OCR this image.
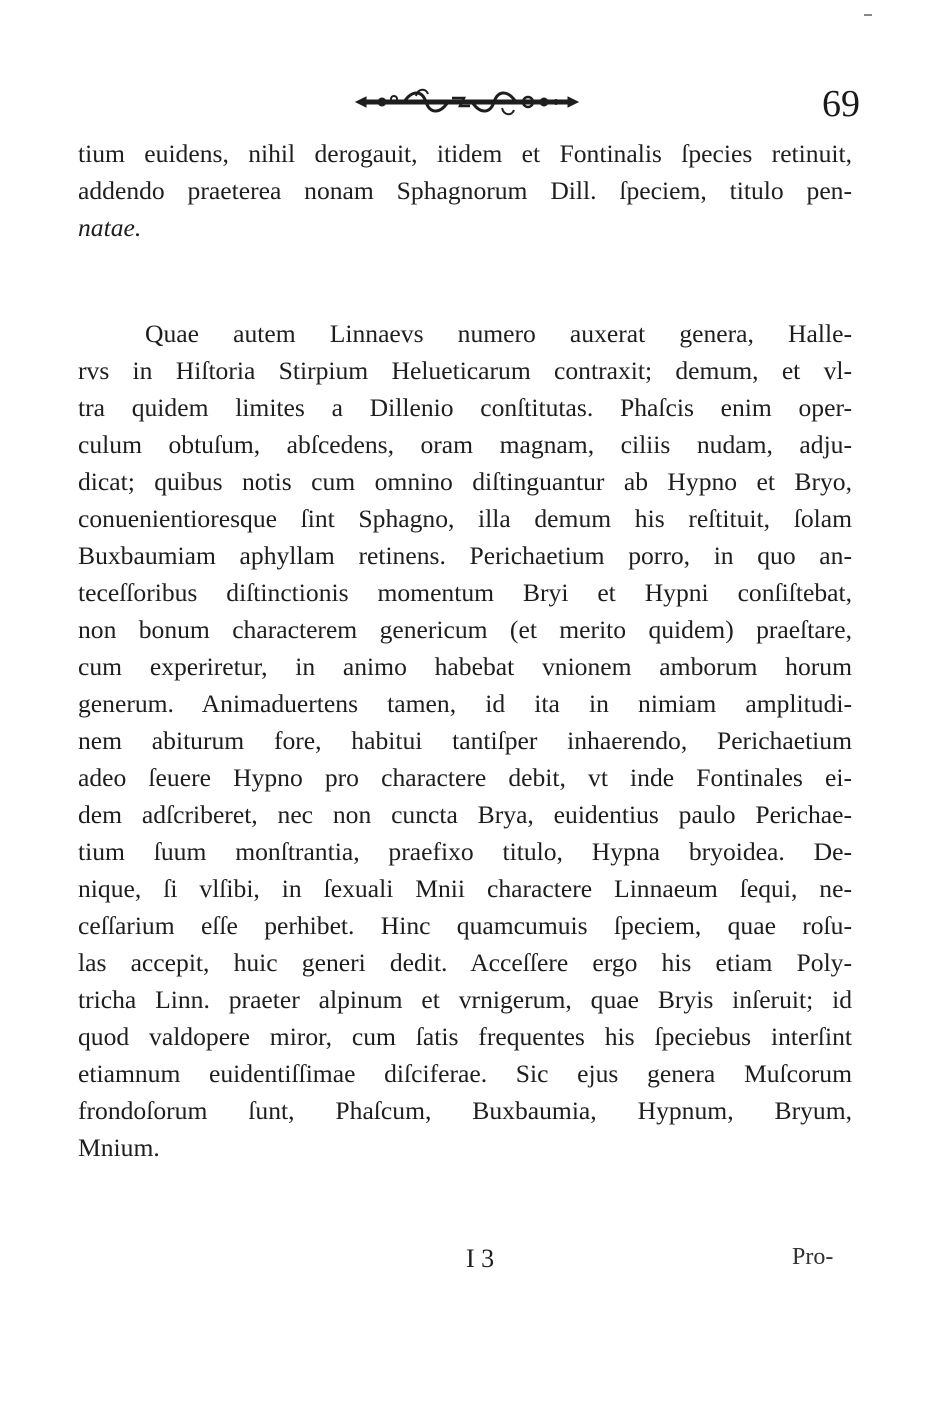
69
tium euidens, nihil derogauit, itidem et Fontinalis ſpecies retinuit,
addendo praeterea nonam Sphagnorum Dill. ſpeciem, titulo pen-
natae.
Quae autem Linnaevs numero auxerat genera, Halle-
rvs in Hiſtoria Stirpium Helueticarum contraxit; demum, et vl-
tra quidem limites a Dillenio conſtitutas. Phaſcis enim oper-
culum obtuſum, abſcedens, oram magnam, ciliis nudam, adju-
dicat; quibus notis cum omnino diſtinguantur ab Hypno et Bryo,
conuenientioresque ſint Sphagno, illa demum his reſtituit, ſolam
Buxbaumiam aphyllam retinens. Perichaetium porro, in quo an-
teceſſoribus diſtinctionis momentum Bryi et Hypni conſiſtebat,
non bonum characterem genericum (et merito quidem) praeſtare,
cum experiretur, in animo habebat vnionem amborum horum
generum. Animaduertens tamen, id ita in nimiam amplitudi-
nem abiturum fore, habitui tantiſper inhaerendo, Perichaetium
adeo ſeuere Hypno pro charactere debit, vt inde Fontinales ei-
dem adſcriberet, nec non cuncta Brya, euidentius paulo Perichae-
tium ſuum monſtrantia, praefixo titulo, Hypna bryoidea. De-
nique, ſi vlſibi, in ſexuali Mnii charactere Linnaeum ſequi, ne-
ceſſarium eſſe perhibet. Hinc quamcumuis ſpeciem, quae roſu-
las accepit, huic generi dedit. Acceſſere ergo his etiam Poly-
tricha Linn. praeter alpinum et vrnigerum, quae Bryis inſeruit; id
quod valdopere miror, cum ſatis frequentes his ſpeciebus interſint
etiamnum euidentiſſimae diſciferae. Sic ejus genera Muſcorum
frondoſorum ſunt, Phaſcum, Buxbaumia, Hypnum, Bryum,
Mnium.
I 3	Pro-
